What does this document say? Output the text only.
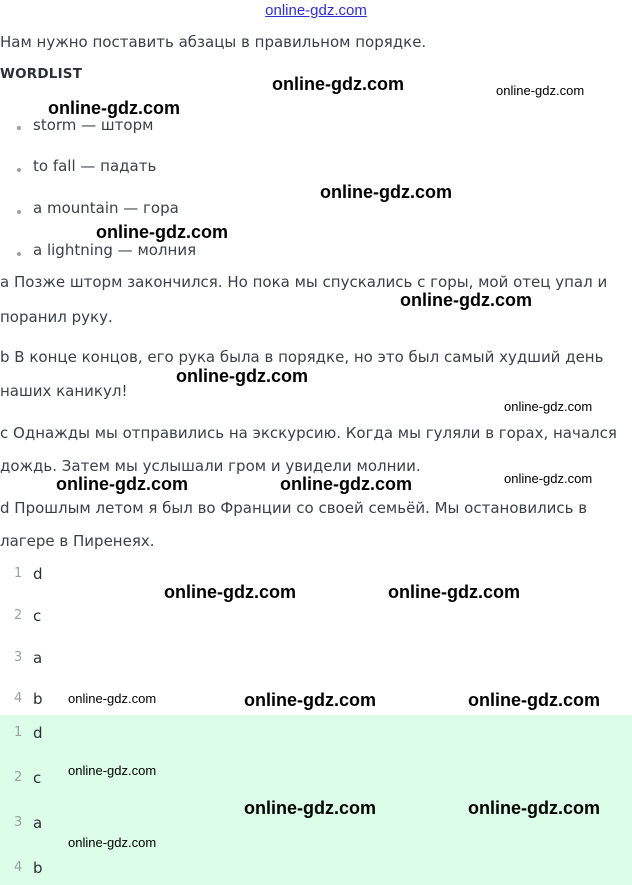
online-gdz.com
Нам нужно поставить абзацы в правильном порядке.
WORDLIST
storm — шторм
to fall — падать
a mountain — гора
a lightning — молния
a Позже шторм закончился. Но пока мы спускались с горы, мой отец упал и
поранил руку.
b В конце концов, его рука была в порядке, но это был самый худший день
наших каникул!
c Однажды мы отправились на экскурсию. Когда мы гуляли в горах, начался
дождь. Затем мы услышали гром и увидели молнии.
d Прошлым летом я был во Франции со своей семьёй. Мы остановились в
лагере в Пиренеях.
1 d
2 c
3 a
4 b
1 d
2 c
3 a
4 b
online-gdz.com	online-gdz.com
online-gdz.com
online-gdz.com
online-gdz.com
online-gdz.com
online-gdz.com
online-gdz.com
online-gdz.com
online-gdz.com	online-gdz.com
online-gdz.com	online-gdz.com
online-gdz.com	online-gdz.com	online-gdz.com
online-gdz.com
online-gdz.com	online-gdz.com
online-gdz.com
